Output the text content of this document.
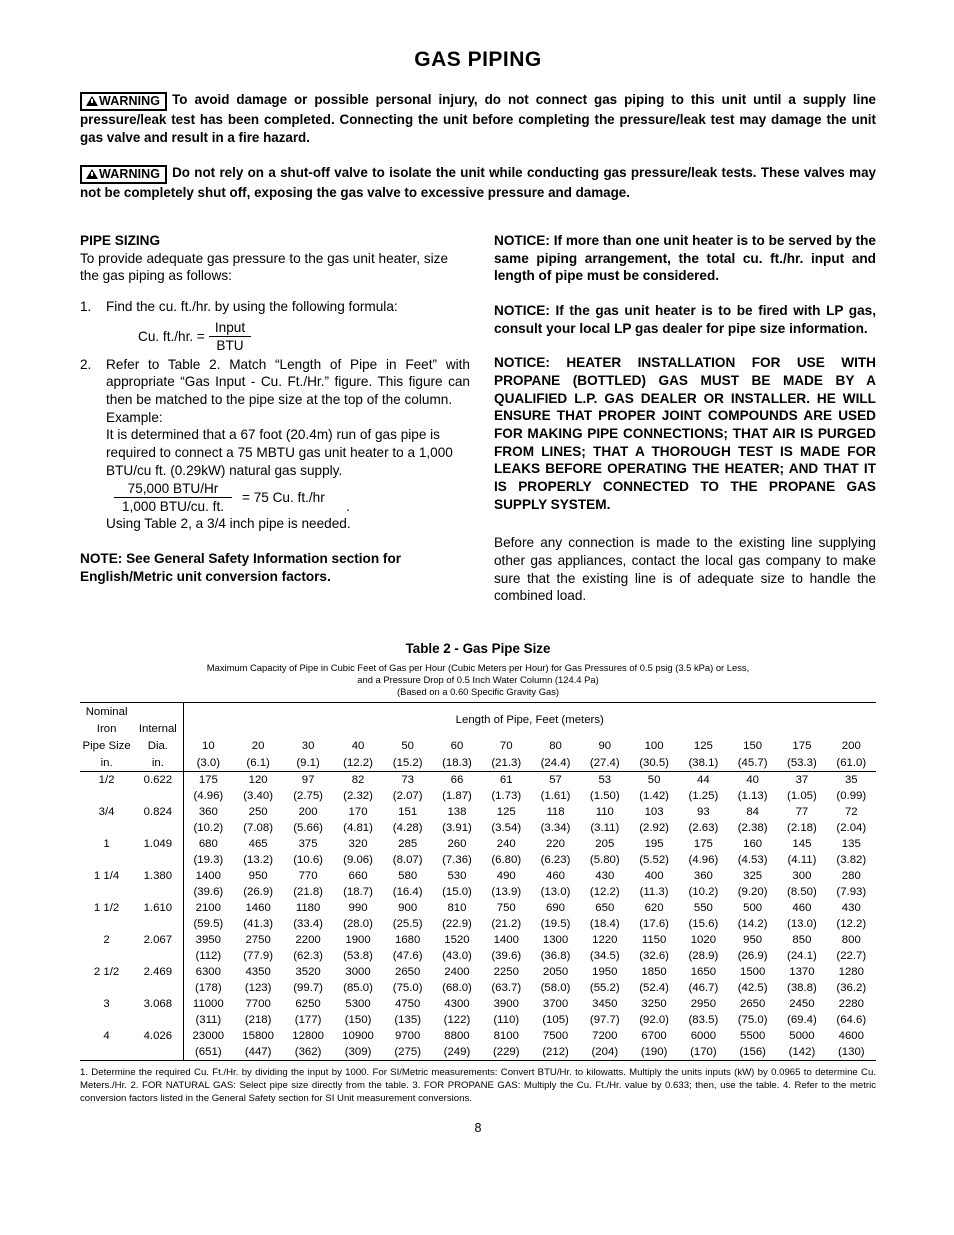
GAS PIPING
WARNING To avoid damage or possible personal injury, do not connect gas piping to this unit until a supply line pressure/leak test has been completed. Connecting the unit before completing the pressure/leak test may damage the unit gas valve and result in a fire hazard.
WARNING Do not rely on a shut-off valve to isolate the unit while conducting gas pressure/leak tests. These valves may not be completely shut off, exposing the gas valve to excessive pressure and damage.
PIPE SIZING
To provide adequate gas pressure to the gas unit heater, size the gas piping as follows:
1.	Find the cu. ft./hr. by using the following formula:
Cu. ft./hr. = $\frac{\text{Input}}{\text{BTU}}$
2.	Refer to Table 2. Match “Length of Pipe in Feet” with appropriate “Gas Input - Cu. Ft./Hr.” figure. This figure can then be matched to the pipe size at the top of the column.
Example:
It is determined that a 67 foot (20.4m) run of gas pipe is required to connect a 75 MBTU gas unit heater to a 1,000 BTU/cu ft. (0.29kW) natural gas supply.
75,000 BTU/Hr
1,000 BTU/cu. ft.
= 75 Cu. ft./hr
.
Using Table 2, a 3/4 inch pipe is needed.
NOTE: See General Safety Information section for English/Metric unit conversion factors.
NOTICE: If more than one unit heater is to be served by the same piping arrangement, the total cu. ft./hr. input and length of pipe must be considered.
NOTICE: If the gas unit heater is to be fired with LP gas, consult your local LP gas dealer for pipe size information.
NOTICE: HEATER INSTALLATION FOR USE WITH PROPANE (BOTTLED) GAS MUST BE MADE BY A QUALIFIED L.P. GAS DEALER OR INSTALLER. HE WILL ENSURE THAT PROPER JOINT COMPOUNDS ARE USED FOR MAKING PIPE CONNECTIONS; THAT AIR IS PURGED FROM LINES; THAT A THOROUGH TEST IS MADE FOR LEAKS BEFORE OPERATING THE HEATER; AND THAT IT IS PROPERLY CONNECTED TO THE PROPANE GAS SUPPLY SYSTEM.
Before any connection is made to the existing line supplying other gas appliances, contact the local gas company to make sure that the existing line is of adequate size to handle the combined load.
Table 2 - Gas Pipe Size
Maximum Capacity of Pipe in Cubic Feet of Gas per Hour (Cubic Meters per Hour) for Gas Pressures of 0.5 psig (3.5 kPa) or Less,
and a Pressure Drop of 0.5 Inch Water Column (124.4 Pa)
(Based on a 0.60 Specific Gravity Gas)
Nominal		Length of Pipe, Feet (meters)													
Iron	Internal														
Pipe Size	Dia.	10	20	30	40	50	60	70	80	90	100	125	150	175	200
in.	in.	(3.0)	(6.1)	(9.1)	(12.2)	(15.2)	(18.3)	(21.3)	(24.4)	(27.4)	(30.5)	(38.1)	(45.7)	(53.3)	(61.0)
1/2	0.622	175	120	97	82	73	66	61	57	53	50	44	40	37	35
		(4.96)	(3.40)	(2.75)	(2.32)	(2.07)	(1.87)	(1.73)	(1.61)	(1.50)	(1.42)	(1.25)	(1.13)	(1.05)	(0.99)
3/4	0.824	360	250	200	170	151	138	125	118	110	103	93	84	77	72
		(10.2)	(7.08)	(5.66)	(4.81)	(4.28)	(3.91)	(3.54)	(3.34)	(3.11)	(2.92)	(2.63)	(2.38)	(2.18)	(2.04)
1	1.049	680	465	375	320	285	260	240	220	205	195	175	160	145	135
		(19.3)	(13.2)	(10.6)	(9.06)	(8.07)	(7.36)	(6.80)	(6.23)	(5.80)	(5.52)	(4.96)	(4.53)	(4.11)	(3.82)
1 1/4	1.380	1400	950	770	660	580	530	490	460	430	400	360	325	300	280
		(39.6)	(26.9)	(21.8)	(18.7)	(16.4)	(15.0)	(13.9)	(13.0)	(12.2)	(11.3)	(10.2)	(9.20)	(8.50)	(7.93)
1 1/2	1.610	2100	1460	1180	990	900	810	750	690	650	620	550	500	460	430
		(59.5)	(41.3)	(33.4)	(28.0)	(25.5)	(22.9)	(21.2)	(19.5)	(18.4)	(17.6)	(15.6)	(14.2)	(13.0)	(12.2)
2	2.067	3950	2750	2200	1900	1680	1520	1400	1300	1220	1150	1020	950	850	800
		(112)	(77.9)	(62.3)	(53.8)	(47.6)	(43.0)	(39.6)	(36.8)	(34.5)	(32.6)	(28.9)	(26.9)	(24.1)	(22.7)
2 1/2	2.469	6300	4350	3520	3000	2650	2400	2250	2050	1950	1850	1650	1500	1370	1280
		(178)	(123)	(99.7)	(85.0)	(75.0)	(68.0)	(63.7)	(58.0)	(55.2)	(52.4)	(46.7)	(42.5)	(38.8)	(36.2)
3	3.068	11000	7700	6250	5300	4750	4300	3900	3700	3450	3250	2950	2650	2450	2280
		(311)	(218)	(177)	(150)	(135)	(122)	(110)	(105)	(97.7)	(92.0)	(83.5)	(75.0)	(69.4)	(64.6)
4	4.026	23000	15800	12800	10900	9700	8800	8100	7500	7200	6700	6000	5500	5000	4600
		(651)	(447)	(362)	(309)	(275)	(249)	(229)	(212)	(204)	(190)	(170)	(156)	(142)	(130)
1. Determine the required Cu. Ft./Hr. by dividing the input by 1000. For SI/Metric measurements: Convert BTU/Hr. to kilowatts. Multiply the units inputs (kW) by 0.0965 to determine Cu. Meters./Hr. 2. FOR NATURAL GAS: Select pipe size directly from the table. 3. FOR PROPANE GAS: Multiply the Cu. Ft./Hr. value by 0.633; then, use the table. 4. Refer to the metric conversion factors listed in the General Safety section for SI Unit measurement conversions.
8
